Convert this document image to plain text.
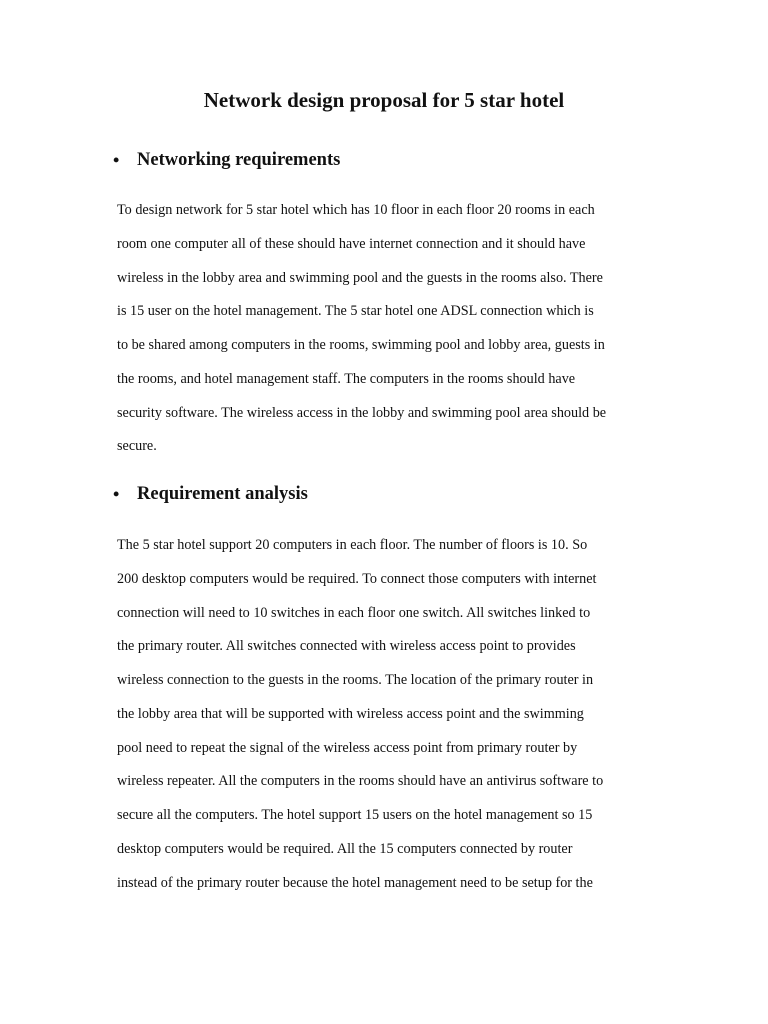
Network design proposal for 5 star hotel
• Networking requirements
To design network for 5 star hotel which has 10 floor in each floor 20 rooms in each
room one computer all of these should have internet connection and it should have
wireless in the lobby area and swimming pool and the guests in the rooms also. There
is 15 user on the hotel management. The 5 star hotel one ADSL connection which is
to be shared among computers in the rooms, swimming pool and lobby area, guests in
the rooms, and hotel management staff. The computers in the rooms should have
security software. The wireless access in the lobby and swimming pool area should be
secure.
• Requirement analysis
The 5 star hotel support 20 computers in each floor. The number of floors is 10. So
200 desktop computers would be required. To connect those computers with internet
connection will need to 10 switches in each floor one switch. All switches linked to
the primary router. All switches connected with wireless access point to provides
wireless connection to the guests in the rooms. The location of the primary router in
the lobby area that will be supported with wireless access point and the swimming
pool need to repeat the signal of the wireless access point from primary router by
wireless repeater. All the computers in the rooms should have an antivirus software to
secure all the computers. The hotel support 15 users on the hotel management so 15
desktop computers would be required. All the 15 computers connected by router
instead of the primary router because the hotel management need to be setup for the
